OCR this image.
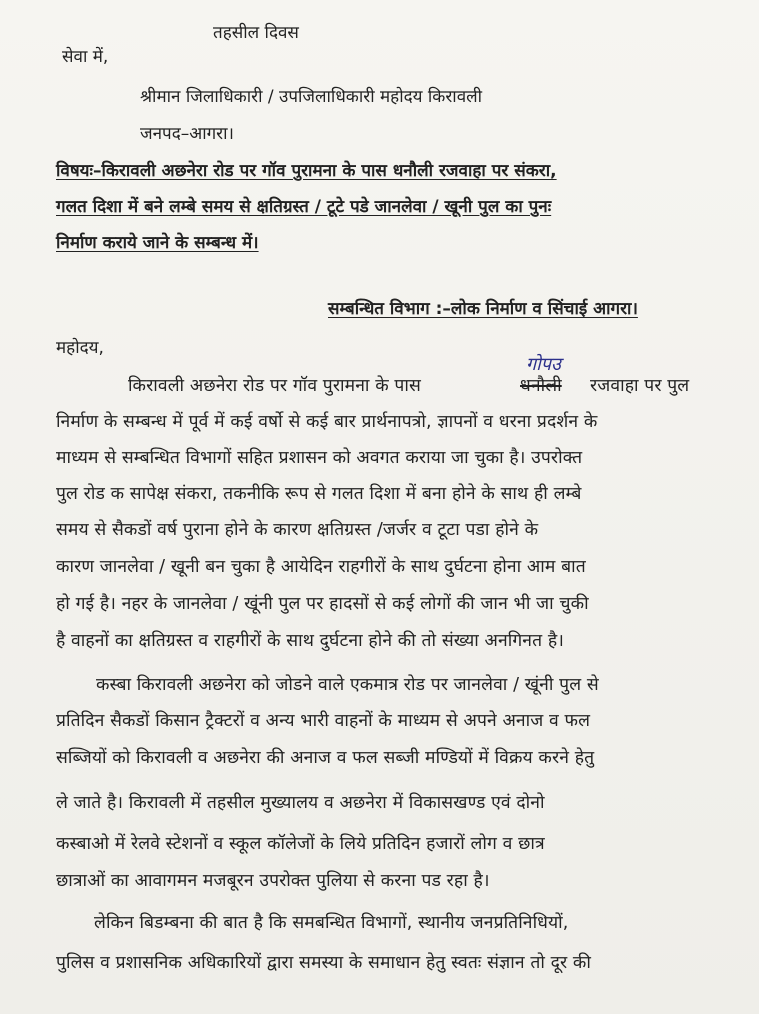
तहसील दिवस
सेवा में,
श्रीमान जिलाधिकारी / उपजिलाधिकारी महोदय किरावली
जनपद–आगरा।
विषयः–किरावली अछनेरा रोड पर गॉव पुरामना के पास धनौली रजवाहा पर संकरा,
गलत दिशा में बने लम्बे समय से क्षतिग्रस्त / टूटे पडे जानलेवा / खूनी पुल का पुनः
निर्माण कराये जाने के सम्बन्ध में।
सम्बन्धित विभाग :–लोक निर्माण व सिंचाई आगरा।
महोदय,
गोपउ
किरावली अछनेरा रोड पर गॉव पुरामना के पास	धनौली रजवाहा पर पुल
निर्माण के सम्बन्ध में पूर्व में कई वर्षो से कई बार प्रार्थनापत्रो, ज्ञापनों व धरना प्रदर्शन के
माध्यम से सम्बन्धित विभागों सहित प्रशासन को अवगत कराया जा चुका है। उपरोक्त
पुल रोड क सापेक्ष संकरा, तकनीकि रूप से गलत दिशा में बना होने के साथ ही लम्बे
समय से सैकडों वर्ष पुराना होने के कारण क्षतिग्रस्त /जर्जर व टूटा पडा होने के
कारण जानलेवा / खूनी बन चुका है आयेदिन राहगीरों के साथ दुर्घटना होना आम बात
हो गई है। नहर के जानलेवा / खूंनी पुल पर हादसों से कई लोगों की जान भी जा चुकी
है वाहनों का क्षतिग्रस्त व राहगीरों के साथ दुर्घटना होने की तो संख्या अनगिनत है।
कस्बा किरावली अछनेरा को जोडने वाले एकमात्र रोड पर जानलेवा / खूंनी पुल से
प्रतिदिन सैकडों किसान ट्रैक्टरों व अन्य भारी वाहनों के माध्यम से अपने अनाज व फल
सब्जियों को किरावली व अछनेरा की अनाज व फल सब्जी मण्डियों में विक्रय करने हेतु
ले जाते है। किरावली में तहसील मुख्यालय व अछनेरा में विकासखण्ड एवं दोनो
कस्बाओ में रेलवे स्टेशनों व स्कूल कॉलेजों के लिये प्रतिदिन हजारों लोग व छात्र
छात्राओं का आवागमन मजबूरन उपरोक्त पुलिया से करना पड रहा है।
लेकिन बिडम्बना की बात है कि समबन्धित विभागों, स्थानीय जनप्रतिनिधियों,
पुलिस व प्रशासनिक अधिकारियों द्वारा समस्या के समाधान हेतु स्वतः संज्ञान तो दूर की
